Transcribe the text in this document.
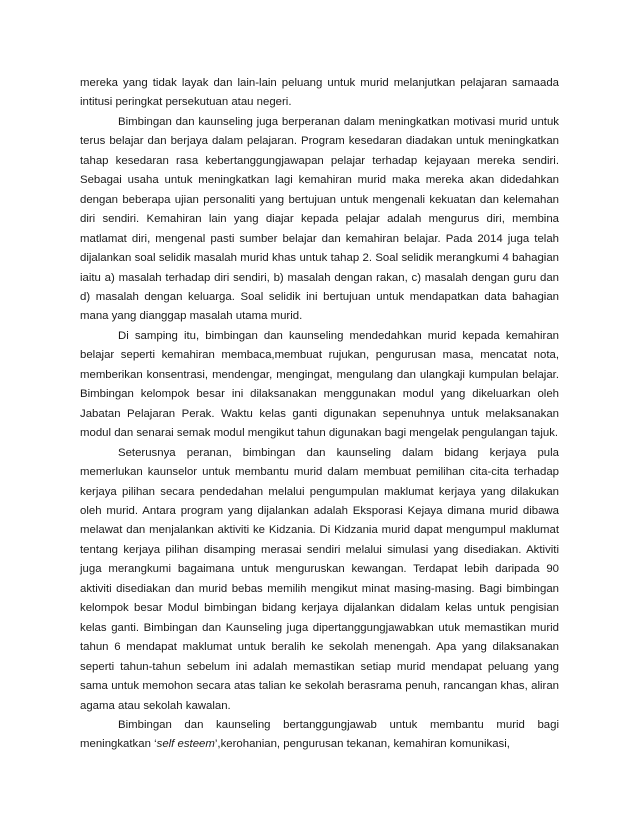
mereka yang tidak layak dan lain-lain peluang untuk murid melanjutkan pelajaran samaada intitusi peringkat persekutuan atau negeri.

Bimbingan dan kaunseling juga berperanan dalam meningkatkan motivasi murid untuk terus belajar dan berjaya dalam pelajaran. Program kesedaran diadakan untuk meningkatkan tahap kesedaran rasa kebertanggungjawapan pelajar terhadap kejayaan mereka sendiri. Sebagai usaha untuk meningkatkan lagi kemahiran murid maka mereka akan didedahkan dengan beberapa ujian personaliti yang bertujuan untuk mengenali kekuatan dan kelemahan diri sendiri. Kemahiran lain yang diajar kepada pelajar adalah mengurus diri, membina matlamat diri, mengenal pasti sumber belajar dan kemahiran belajar. Pada 2014 juga telah dijalankan soal selidik masalah murid khas untuk tahap 2. Soal selidik merangkumi 4 bahagian iaitu a) masalah terhadap diri sendiri, b) masalah dengan rakan, c) masalah dengan guru dan d) masalah dengan keluarga. Soal selidik ini bertujuan untuk mendapatkan data bahagian mana yang dianggap masalah utama murid.

Di samping itu, bimbingan dan kaunseling mendedahkan murid kepada kemahiran belajar seperti kemahiran membaca,membuat rujukan, pengurusan masa, mencatat nota, memberikan konsentrasi, mendengar, mengingat, mengulang dan ulangkaji kumpulan belajar. Bimbingan kelompok besar ini dilaksanakan menggunakan modul yang dikeluarkan oleh Jabatan Pelajaran Perak. Waktu kelas ganti digunakan sepenuhnya untuk melaksanakan modul dan senarai semak modul mengikut tahun digunakan bagi mengelak pengulangan tajuk.

Seterusnya peranan, bimbingan dan kaunseling dalam bidang kerjaya pula memerlukan kaunselor untuk membantu murid dalam membuat pemilihan cita-cita terhadap kerjaya pilihan secara pendedahan melalui pengumpulan maklumat kerjaya yang dilakukan oleh murid. Antara program yang dijalankan adalah Eksporasi Kejaya dimana murid dibawa melawat dan menjalankan aktiviti ke Kidzania. Di Kidzania murid dapat mengumpul maklumat tentang kerjaya pilihan disamping merasai sendiri melalui simulasi yang disediakan. Aktiviti juga merangkumi bagaimana untuk menguruskan kewangan. Terdapat lebih daripada 90 aktiviti disediakan dan murid bebas memilih mengikut minat masing-masing. Bagi bimbingan kelompok besar Modul bimbingan bidang kerjaya dijalankan didalam kelas untuk pengisian kelas ganti. Bimbingan dan Kaunseling juga dipertanggungjawabkan utuk memastikan murid tahun 6 mendapat maklumat untuk beralih ke sekolah menengah. Apa yang dilaksanakan seperti tahun-tahun sebelum ini adalah memastikan setiap murid mendapat peluang yang sama untuk memohon secara atas talian ke sekolah berasrama penuh, rancangan khas, aliran agama atau sekolah kawalan.

Bimbingan dan kaunseling bertanggungjawab untuk membantu murid bagi meningkatkan ‘self esteem’,kerohanian, pengurusan tekanan, kemahiran komunikasi,
